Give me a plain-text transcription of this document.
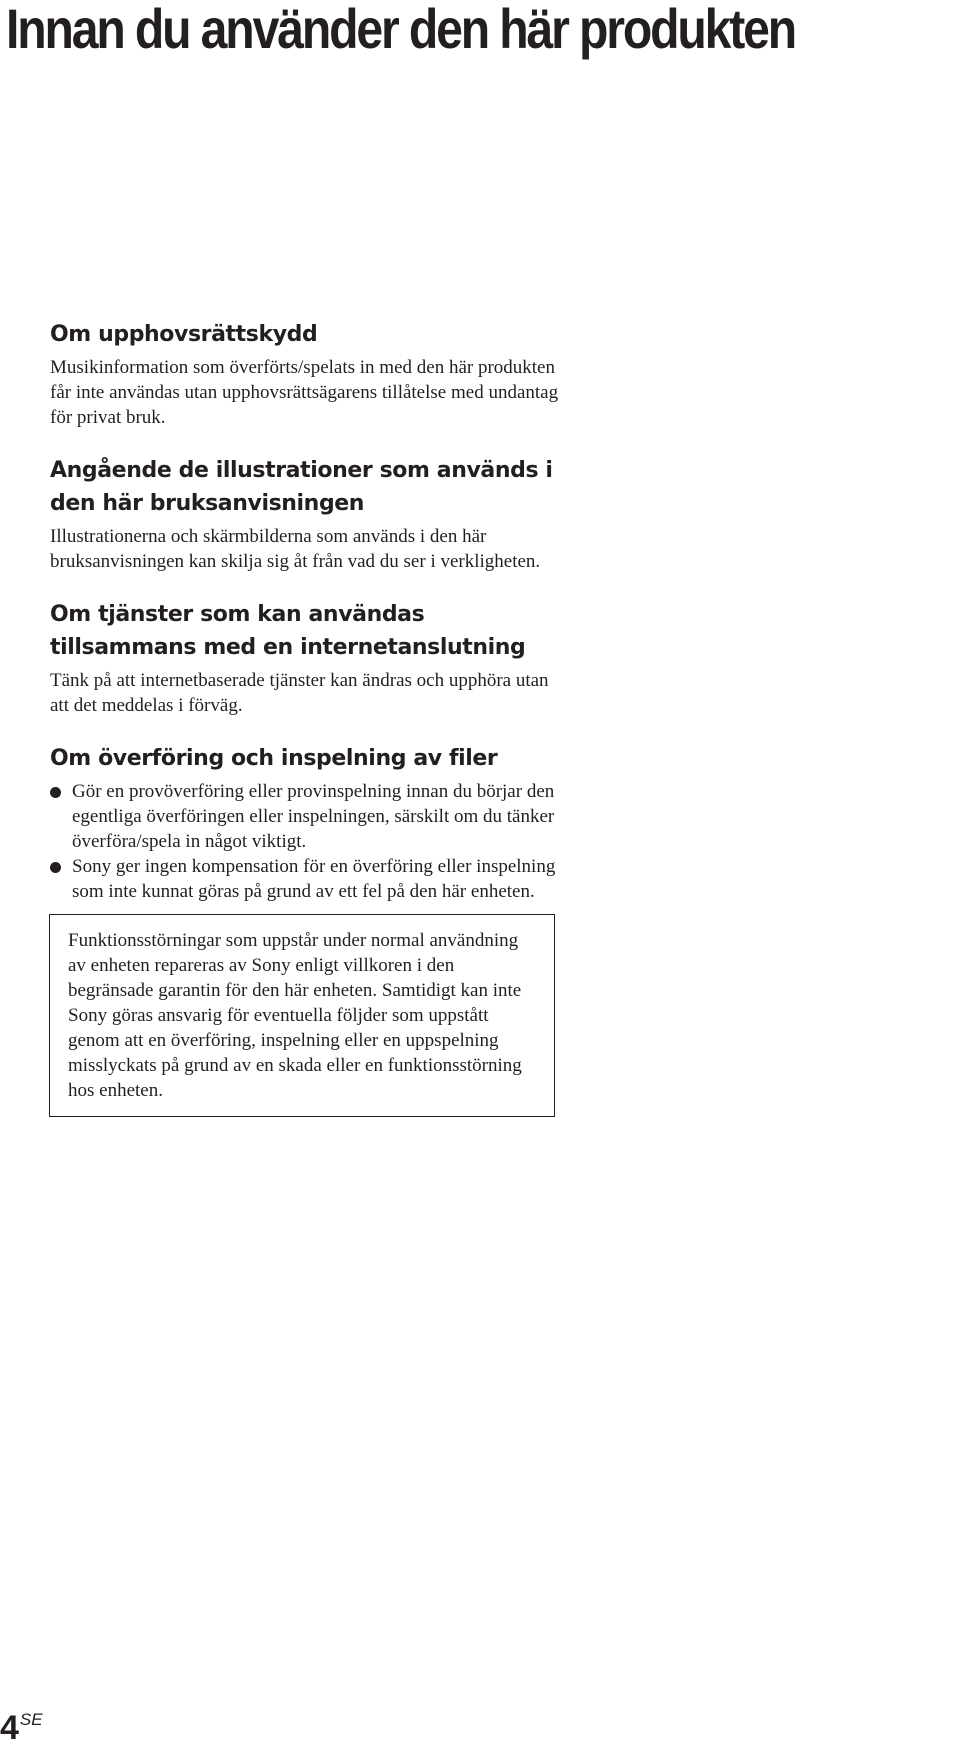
Innan du använder den här produkten
Om upphovsrättskydd

Musikinformation som överförts/spelats in med den här produkten får inte användas utan upphovsrättsägarens tillåtelse med undantag för privat bruk.

Angående de illustrationer som används i den här bruksanvisningen

Illustrationerna och skärmbilderna som används i den här bruksanvisningen kan skilja sig åt från vad du ser i verkligheten.

Om tjänster som kan användas tillsammans med en internetanslutning

Tänk på att internetbaserade tjänster kan ändras och upphöra utan att det meddelas i förväg.

Om överföring och inspelning av filer
Gör en provöverföring eller provinspelning innan du börjar den egentliga överföringen eller inspelningen, särskilt om du tänker överföra/spela in något viktigt.
Sony ger ingen kompensation för en överföring eller inspelning som inte kunnat göras på grund av ett fel på den här enheten.
Funktionsstörningar som uppstår under normal användning av enheten repareras av Sony enligt villkoren i den begränsade garantin för den här enheten. Samtidigt kan inte Sony göras ansvarig för eventuella följder som uppstått genom att en överföring, inspelning eller en uppspelning misslyckats på grund av en skada eller en funktionsstörning hos enheten.
$4^{SE}$
